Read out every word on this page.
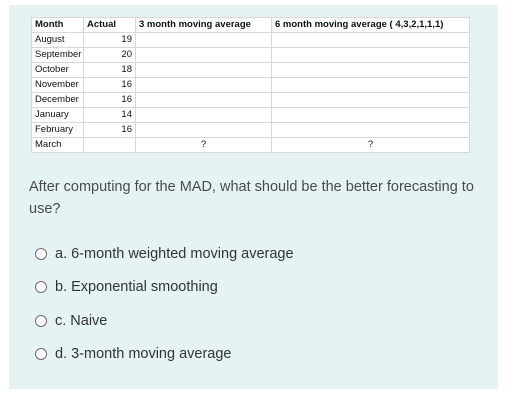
Month	Actual	3 month moving average	6 month moving average ( 4,3,2,1,1,1)
August	19		
September	20		
October	18		
November	16		
December	16		
January	14		
February	16		
March		?	?
After computing for the MAD, what should be the better forecasting to use?
a. 6-month weighted moving average
b. Exponential smoothing
c. Naive
d. 3-month moving average
